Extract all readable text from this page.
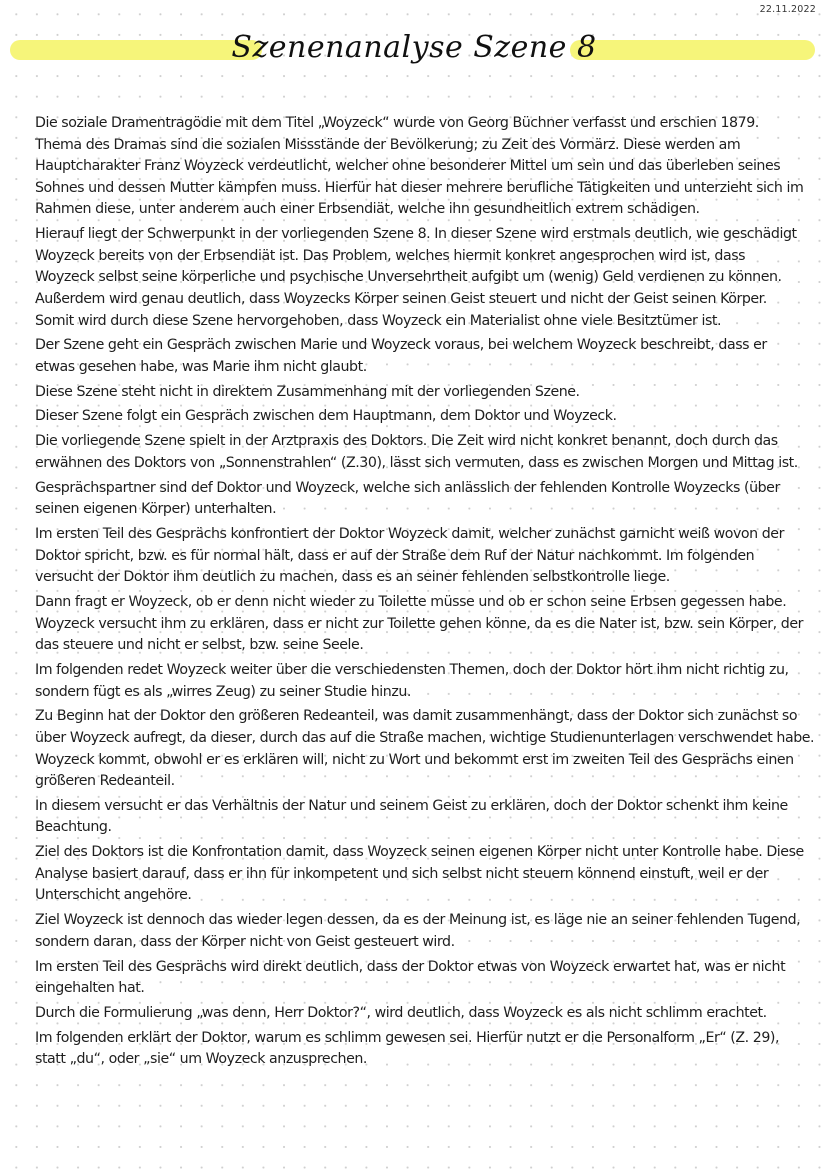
22.11.2022
Szenenanalyse Szene 8
Die soziale Dramentragödie mit dem Titel „Woyzeck“ wurde von Georg Büchner verfasst und erschien 1879.
Thema des Dramas sind die sozialen Missstände der Bevölkerung; zu Zeit des Vormärz. Diese werden am
Hauptcharakter Franz Woyzeck verdeutlicht, welcher ohne besonderer Mittel um sein und das überleben seines
Sohnes und dessen Mutter kämpfen muss. Hierfür hat dieser mehrere berufliche Tätigkeiten und unterzieht sich im
Rahmen diese, unter anderem auch einer Erbsendiät, welche ihn gesundheitlich extrem schädigen.
Hierauf liegt der Schwerpunkt in der vorliegenden Szene 8. In dieser Szene wird erstmals deutlich, wie geschädigt
Woyzeck bereits von der Erbsendiät ist. Das Problem, welches hiermit konkret angesprochen wird ist, dass
Woyzeck selbst seine körperliche und psychische Unversehrtheit aufgibt um (wenig) Geld verdienen zu können.
Außerdem wird genau deutlich, dass Woyzecks Körper seinen Geist steuert und nicht der Geist seinen Körper.
Somit wird durch diese Szene hervorgehoben, dass Woyzeck ein Materialist ohne viele Besitztümer ist.
Der Szene geht ein Gespräch zwischen Marie und Woyzeck voraus, bei welchem Woyzeck beschreibt, dass er
etwas gesehen habe, was Marie ihm nicht glaubt.
Diese Szene steht nicht in direktem Zusammenhang mit der vorliegenden Szene.
Dieser Szene folgt ein Gespräch zwischen dem Hauptmann, dem Doktor und Woyzeck.
Die vorliegende Szene spielt in der Arztpraxis des Doktors. Die Zeit wird nicht konkret benannt, doch durch das
erwähnen des Doktors von „Sonnenstrahlen“ (Z.30), lässt sich vermuten, dass es zwischen Morgen und Mittag ist.
Gesprächspartner sind def Doktor und Woyzeck, welche sich anlässlich der fehlenden Kontrolle Woyzecks (über
seinen eigenen Körper) unterhalten.
Im ersten Teil des Gesprächs konfrontiert der Doktor Woyzeck damit, welcher zunächst garnicht weiß wovon der
Doktor spricht, bzw. es für normal hält, dass er auf der Straße dem Ruf der Natur nachkommt. Im folgenden
versucht der Doktor ihm deutlich zu machen, dass es an seiner fehlenden selbstkontrolle liege.
Dann fragt er Woyzeck, ob er denn nicht wieder zu Toilette müsse und ob er schon seine Erbsen gegessen habe.
Woyzeck versucht ihm zu erklären, dass er nicht zur Toilette gehen könne, da es die Nater ist, bzw. sein Körper, der
das steuere und nicht er selbst, bzw. seine Seele.
Im folgenden redet Woyzeck weiter über die verschiedensten Themen, doch der Doktor hört ihm nicht richtig zu,
sondern fügt es als „wirres Zeug) zu seiner Studie hinzu.
Zu Beginn hat der Doktor den größeren Redeanteil, was damit zusammenhängt, dass der Doktor sich zunächst so
über Woyzeck aufregt, da dieser, durch das auf die Straße machen, wichtige Studienunterlagen verschwendet habe.
Woyzeck kommt, obwohl er es erklären will, nicht zu Wort und bekommt erst im zweiten Teil des Gesprächs einen
größeren Redeanteil.
In diesem versucht er das Verhältnis der Natur und seinem Geist zu erklären, doch der Doktor schenkt ihm keine
Beachtung.
Ziel des Doktors ist die Konfrontation damit, dass Woyzeck seinen eigenen Körper nicht unter Kontrolle habe. Diese
Analyse basiert darauf, dass er ihn für inkompetent und sich selbst nicht steuern könnend einstuft, weil er der
Unterschicht angehöre.
Ziel Woyzeck ist dennoch das wieder legen dessen, da es der Meinung ist, es läge nie an seiner fehlenden Tugend,
sondern daran, dass der Körper nicht von Geist gesteuert wird.
Im ersten Teil des Gesprächs wird direkt deutlich, dass der Doktor etwas von Woyzeck erwartet hat, was er nicht
eingehalten hat.
Durch die Formulierung „was denn, Herr Doktor?“, wird deutlich, dass Woyzeck es als nicht schlimm erachtet.
Im folgenden erklärt der Doktor, warum es schlimm gewesen sei. Hierfür nutzt er die Personalform „Er“ (Z. 29),
statt „du“, oder „sie“ um Woyzeck anzusprechen.
